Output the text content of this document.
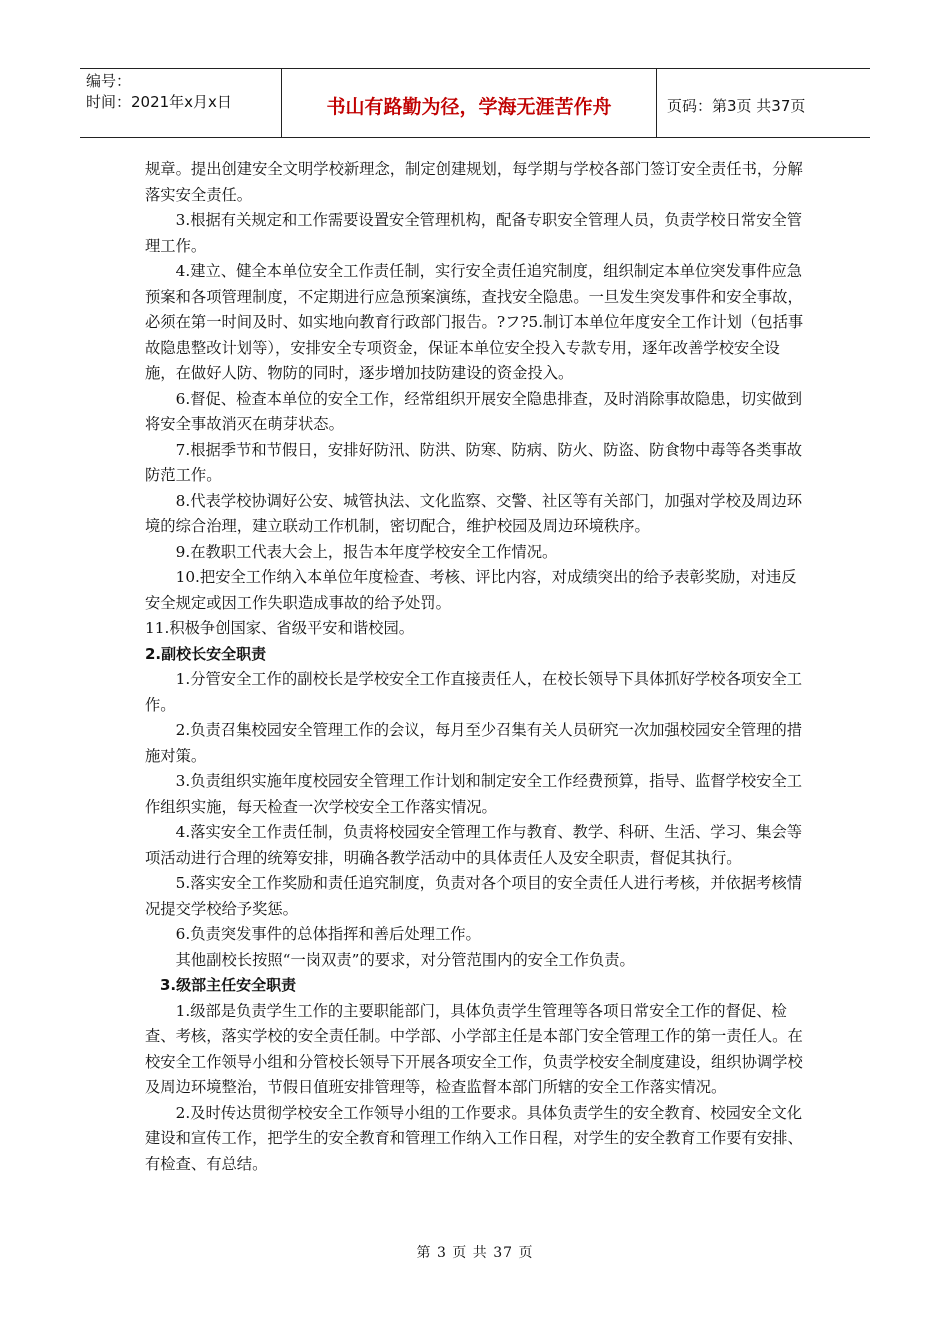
编号：
时间：2021年x月x日	书山有路勤为径，学海无涯苦作舟	页码：第3页 共37页

规章。提出创建安全文明学校新理念，制定创建规划，每学期与学校各部门签订安全责任书，分解落实安全责任。

3.根据有关规定和工作需要设置安全管理机构，配备专职安全管理人员，负责学校日常安全管理工作。

4.建立、健全本单位安全工作责任制，实行安全责任追究制度，组织制定本单位突发事件应急预案和各项管理制度，不定期进行应急预案演练，查找安全隐患。一旦发生突发事件和安全事故，必须在第一时间及时、如实地向教育行政部门报告。?フ?5.制订本单位年度安全工作计划（包括事故隐患整改计划等），安排安全专项资金，保证本单位安全投入专款专用，逐年改善学校安全设施，在做好人防、物防的同时，逐步增加技防建设的资金投入。

6.督促、检查本单位的安全工作，经常组织开展安全隐患排查，及时消除事故隐患，切实做到将安全事故消灭在萌芽状态。

7.根据季节和节假日，安排好防汛、防洪、防寒、防病、防火、防盗、防食物中毒等各类事故防范工作。

8.代表学校协调好公安、城管执法、文化监察、交警、社区等有关部门，加强对学校及周边环境的综合治理，建立联动工作机制，密切配合，维护校园及周边环境秩序。

9.在教职工代表大会上，报告本年度学校安全工作情况。

10.把安全工作纳入本单位年度检查、考核、评比内容，对成绩突出的给予表彰奖励，对违反安全规定或因工作失职造成事故的给予处罚。

11.积极争创国家、省级平安和谐校园。

2.副校长安全职责

1.分管安全工作的副校长是学校安全工作直接责任人，在校长领导下具体抓好学校各项安全工作。

2.负责召集校园安全管理工作的会议，每月至少召集有关人员研究一次加强校园安全管理的措施对策。

3.负责组织实施年度校园安全管理工作计划和制定安全工作经费预算，指导、监督学校安全工作组织实施，每天检查一次学校安全工作落实情况。

4.落实安全工作责任制，负责将校园安全管理工作与教育、教学、科研、生活、学习、集会等项活动进行合理的统筹安排，明确各教学活动中的具体责任人及安全职责，督促其执行。

5.落实安全工作奖励和责任追究制度，负责对各个项目的安全责任人进行考核，并依据考核情况提交学校给予奖惩。

6.负责突发事件的总体指挥和善后处理工作。

其他副校长按照“一岗双责”的要求，对分管范围内的安全工作负责。

3.级部主任安全职责

1.级部是负责学生工作的主要职能部门，具体负责学生管理等各项日常安全工作的督促、检查、考核，落实学校的安全责任制。中学部、小学部主任是本部门安全管理工作的第一责任人。在校安全工作领导小组和分管校长领导下开展各项安全工作，负责学校安全制度建设，组织协调学校及周边环境整治，节假日值班安排管理等，检查监督本部门所辖的安全工作落实情况。

2.及时传达贯彻学校安全工作领导小组的工作要求。具体负责学生的安全教育、校园安全文化建设和宣传工作，把学生的安全教育和管理工作纳入工作日程，对学生的安全教育工作要有安排、有检查、有总结。

第 3 页 共 37 页
